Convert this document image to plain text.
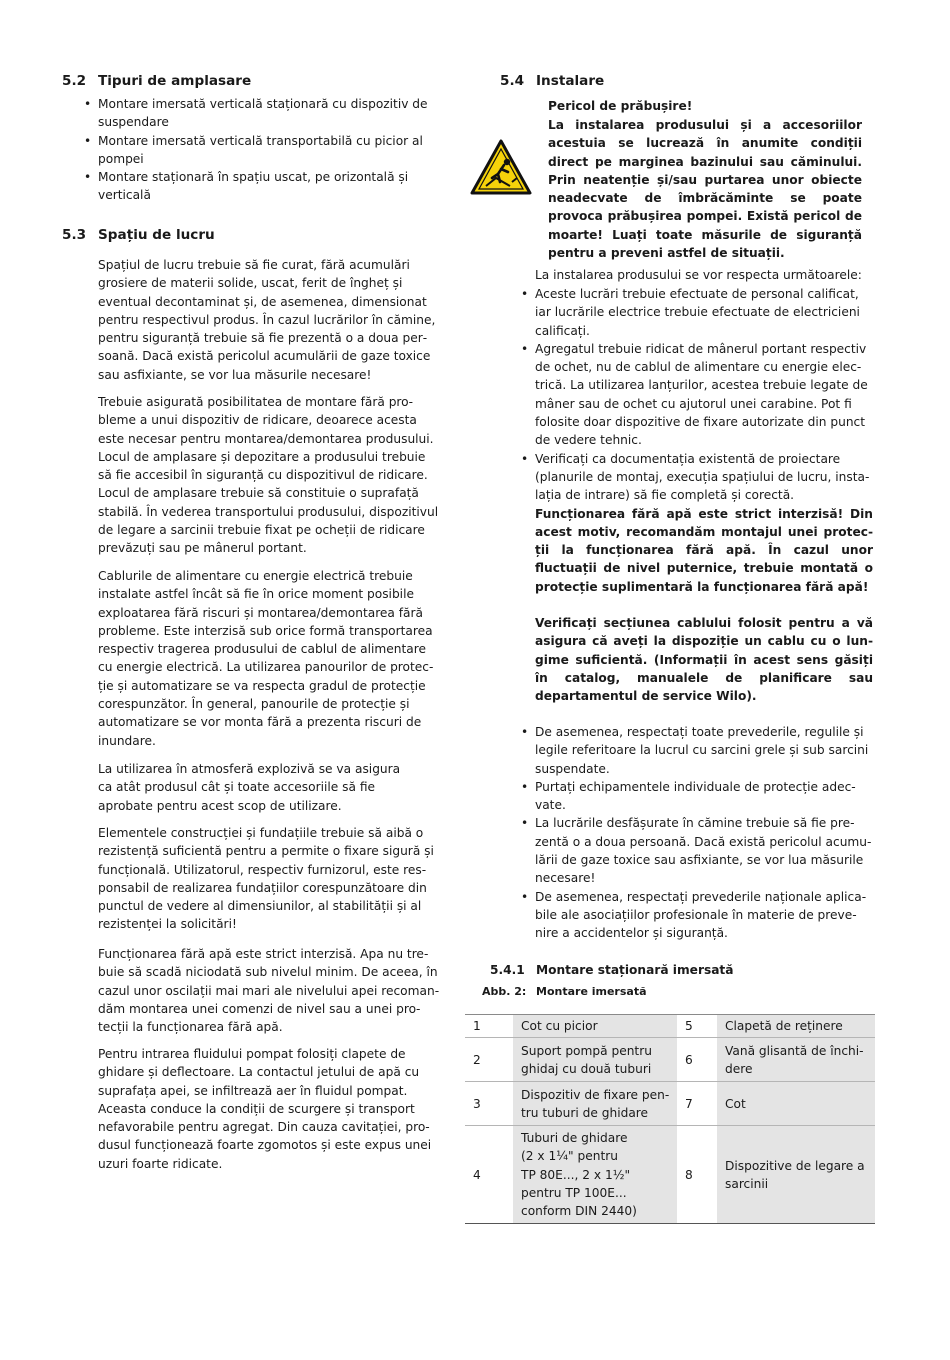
5.2 Tipuri de amplasare
• Montare imersată verticală staționară cu dispozitiv de suspendare
• Montare imersată verticală transportabilă cu picior al pompei
• Montare staționară în spațiu uscat, pe orizontală și verticală
5.3 Spațiu de lucru

Spațiul de lucru trebuie să fie curat, fără acumulări grosiere de materii solide, uscat, ferit de îngheț și eventual decontaminat și, de asemenea, dimensionat pentru respectivul produs. În cazul lucrărilor în cămine, pentru siguranță trebuie să fie prezentă o a doua persoană. Dacă există pericolul acumulării de gaze toxice sau asfixiante, se vor lua măsurile necesare!

Trebuie asigurată posibilitatea de montare fără probleme a unui dispozitiv de ridicare, deoarece acesta este necesar pentru montarea/demontarea produsului. Locul de amplasare și depozitare a produsului trebuie să fie accesibil în siguranță cu dispozitivul de ridicare. Locul de amplasare trebuie să constituie o suprafață stabilă. În vederea transportului produsului, dispozitivul de legare a sarcinii trebuie fixat pe ocheții de ridicare prevăzuți sau pe mânerul portant.

Cablurile de alimentare cu energie electrică trebuie instalate astfel încât să fie în orice moment posibile exploatarea fără riscuri și montarea/demontarea fără probleme. Este interzisă sub orice formă transportarea respectiv tragerea produsului de cablul de alimentare cu energie electrică. La utilizarea panourilor de protecție și automatizare se va respecta gradul de protecție corespunzător. În general, panourile de protecție și automatizare se vor monta fără a prezenta riscuri de inundare.

La utilizarea în atmosferă explozivă se va asigura ca atât produsul cât și toate accesoriile să fie aprobate pentru acest scop de utilizare.

Elementele construcției și fundațiile trebuie să aibă o rezistență suficientă pentru a permite o fixare sigură și funcțională. Utilizatorul, respectiv furnizorul, este responsabil de realizarea fundațiilor corespunzătoare din punctul de vedere al dimensiunilor, al stabilității și al rezistenței la solicitări!

Funcționarea fără apă este strict interzisă. Apa nu trebuie să scadă niciodată sub nivelul minim. De aceea, în cazul unor oscilații mai mari ale nivelului apei recomandăm montarea unei comenzi de nivel sau a unei protecții la funcționarea fără apă.

Pentru intrarea fluidului pompat folosiți clapete de ghidare și deflectoare. La contactul jetului de apă cu suprafața apei, se infiltrează aer în fluidul pompat. Aceasta conduce la condiții de scurgere și transport nefavorabile pentru agregat. Din cauza cavitației, produsul funcționează foarte zgomotos și este expus unei uzuri foarte ridicate.

5.4 Instalare
Pericol de prăbușire!
La instalarea produsului și a accesoriilor acestuia se lucrează în anumite condiții direct pe marginea bazinului sau căminului. Prin neatenție și/sau purtarea unor obiecte neadecvate de îmbrăcăminte se poate provoca prăbușirea pompei. Există pericol de moarte! Luați toate măsurile de siguranță pentru a preveni astfel de situații.

La instalarea produsului se vor respecta următoarele:

• Aceste lucrări trebuie efectuate de personal calificat, iar lucrările electrice trebuie efectuate de electricieni calificați.
• Agregatul trebuie ridicat de mânerul portant respectiv de ochet, nu de cablul de alimentare cu energie electrică. La utilizarea lanțurilor, acestea trebuie legate de mâner sau de ochet cu ajutorul unei carabine. Pot fi folosite doar dispozitive de fixare autorizate din punct de vedere tehnic.
• Verificați ca documentația existentă de proiectare (planurile de montaj, execuția spațiului de lucru, instalația de intrare) să fie completă și corectă.
Funcționarea fără apă este strict interzisă! Din acest motiv, recomandăm montajul unei protecții la funcționarea fără apă. În cazul unor fluctuații de nivel puternice, trebuie montată o protecție suplimentară la funcționarea fără apă!
Verificați secțiunea cablului folosit pentru a vă asigura că aveți la dispoziție un cablu cu o lungime suficientă. (Informații în acest sens găsiți în catalog, manualele de planificare sau departamentul de service Wilo).
• De asemenea, respectați toate prevederile, regulile și legile referitoare la lucrul cu sarcini grele și sub sarcini suspendate.
• Purtați echipamentele individuale de protecție adecvate.
• La lucrările desfășurate în cămine trebuie să fie prezentă o a doua persoană. Dacă există pericolul acumulării de gaze toxice sau asfixiante, se vor lua măsurile necesare!
• De asemenea, respectați prevederile naționale aplicabile ale asociațiilor profesionale în materie de prevenire a accidentelor și siguranță.
5.4.1 Montare staționară imersată
Abb. 2: Montare imersată
1	Cot cu picior	5	Clapetă de reținere
2	Suport pompă pentru ghidaj cu două tuburi	6	Vană glisantă de închidere
3	Dispozitiv de fixare pentru tuburi de ghidare	7	Cot
4	Tuburi de ghidare
(2 x 1¼" pentru
TP 80E..., 2 x 1½"
pentru TP 100E...
conform DIN 2440)	8	Dispozitive de legare a sarcinii
